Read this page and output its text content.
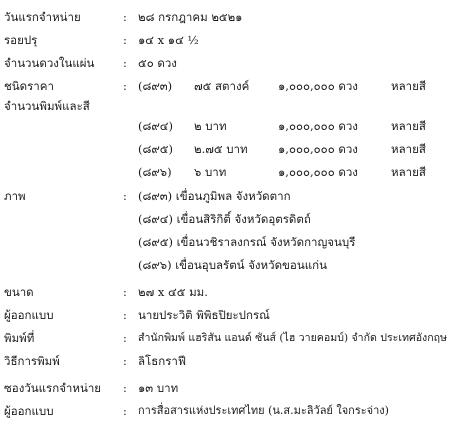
วันแรกจำหน่าย	: ๒๘ กรกฎาคม ๒๕๒๑
รอยปรุ	: ๑๔ x ๑๔ ½
จำนวนดวงในแผ่น : ๕๐ ดวง
ชนิดราคา	: (๘๙๓) ๗๕ สตางค์ ๑,๐๐๐,๐๐๐ ดวง	หลายสี
จำนวนพิมพ์และสี
(๘๙๔) ๒ บาท	๑,๐๐๐,๐๐๐ ดวง	หลายสี
(๘๙๕) ๒.๗๕ บาท	๑,๐๐๐,๐๐๐ ดวง	หลายสี
(๘๙๖) ๖ บาท	๑,๐๐๐,๐๐๐ ดวง	หลายสี
ภาพ	: (๘๙๓) เขื่อนภูมิพล จังหวัดตาก
(๘๙๔) เขื่อนสิริกิติ์ จังหวัดอุตรดิตถ์
(๘๙๕) เขื่อนวชิราลงกรณ์ จังหวัดกาญจนบุรี
(๘๙๖) เขื่อนอุบลรัตน์ จังหวัดขอนแก่น
ขนาด	: ๒๗ x ๔๕ มม.
ผู้ออกแบบ	: นายประวิติ พิพิธปิยะปกรณ์
พิมพ์ที่	: สำนักพิมพ์ แฮริสัน แอนด์ ซันส์ (ไฮ วายคอมบ์) จำกัด ประเทศอังกฤษ
วิธีการพิมพ์	: ลิโธกราฟี
ซองวันแรกจำหน่าย : ๑๓ บาท
ผู้ออกแบบ	: การสื่อสารแห่งประเทศไทย (น.ส.มะลิวัลย์ ใจกระจ่าง)
